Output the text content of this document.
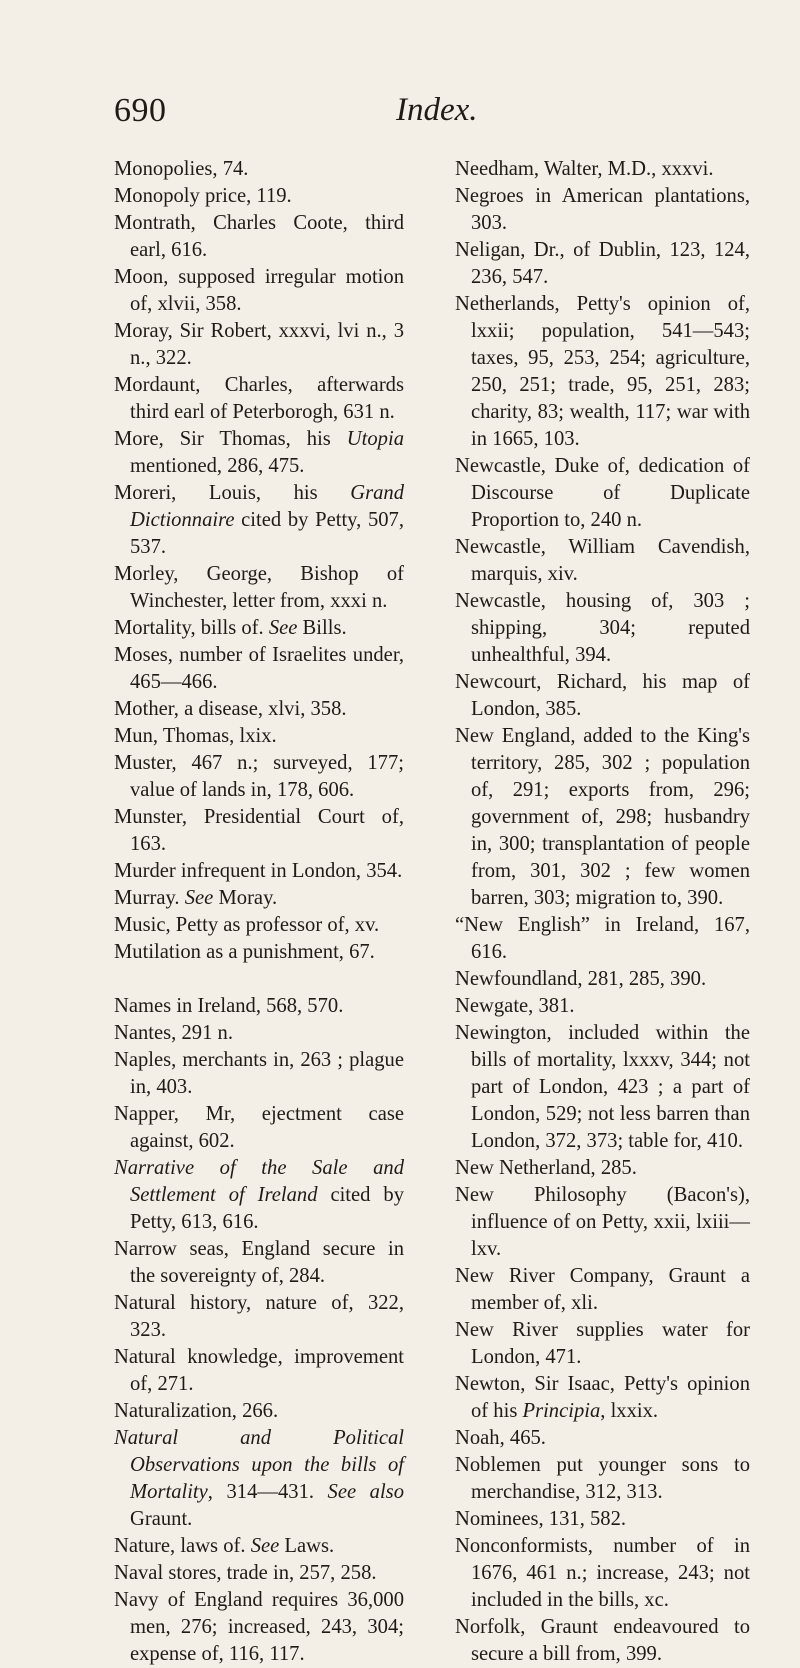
690	Index.

Monopolies, 74.

Monopoly price, 119.

Montrath, Charles Coote, third earl, 616.

Moon, supposed irregular motion of, xlvii, 358.

Moray, Sir Robert, xxxvi, lvi n., 3 n., 322.

Mordaunt, Charles, afterwards third earl of Peterborogh, 631 n.

More, Sir Thomas, his Utopia mentioned, 286, 475.

Moreri, Louis, his Grand Dictionnaire cited by Petty, 507, 537.

Morley, George, Bishop of Winchester, letter from, xxxi n.

Mortality, bills of. See Bills.

Moses, number of Israelites under, 465—466.

Mother, a disease, xlvi, 358.

Mun, Thomas, lxix.

Muster, 467 n.; surveyed, 177; value of lands in, 178, 606.

Munster, Presidential Court of, 163.

Murder infrequent in London, 354.

Murray. See Moray.

Music, Petty as professor of, xv.

Mutilation as a punishment, 67.

Names in Ireland, 568, 570.

Nantes, 291 n.

Naples, merchants in, 263 ; plague in, 403.

Napper, Mr, ejectment case against, 602.

Narrative of the Sale and Settlement of Ireland cited by Petty, 613, 616.

Narrow seas, England secure in the sovereignty of, 284.

Natural history, nature of, 322, 323.

Natural knowledge, improvement of, 271.

Naturalization, 266.

Natural and Political Observations upon the bills of Mortality, 314—431. See also Graunt.

Nature, laws of. See Laws.

Naval stores, trade in, 257, 258.

Navy of England requires 36,000 men, 276; increased, 243, 304; expense of, 116, 117.

Needham, Walter, M.D., xxxvi.

Negroes in American plantations, 303.

Neligan, Dr., of Dublin, 123, 124, 236, 547.

Netherlands, Petty's opinion of, lxxii; population, 541—543; taxes, 95, 253, 254; agriculture, 250, 251; trade, 95, 251, 283; charity, 83; wealth, 117; war with in 1665, 103.

Newcastle, Duke of, dedication of Discourse of Duplicate Proportion to, 240 n.

Newcastle, William Cavendish, marquis, xiv.

Newcastle, housing of, 303 ; shipping, 304; reputed unhealthful, 394.

Newcourt, Richard, his map of London, 385.

New England, added to the King's territory, 285, 302 ; population of, 291; exports from, 296; government of, 298; husbandry in, 300; transplantation of people from, 301, 302 ; few women barren, 303; migration to, 390.

“New English” in Ireland, 167, 616.

Newfoundland, 281, 285, 390.

Newgate, 381.

Newington, included within the bills of mortality, lxxxv, 344; not part of London, 423 ; a part of London, 529; not less barren than London, 372, 373; table for, 410.

New Netherland, 285.

New Philosophy (Bacon's), influence of on Petty, xxii, lxiii—lxv.

New River Company, Graunt a member of, xli.

New River supplies water for London, 471.

Newton, Sir Isaac, Petty's opinion of his Principia, lxxix.

Noah, 465.

Noblemen put younger sons to merchandise, 312, 313.

Nominees, 131, 582.

Nonconformists, number of in 1676, 461 n.; increase, 243; not included in the bills, xc.

Norfolk, Graunt endeavoured to secure a bill from, 399.
